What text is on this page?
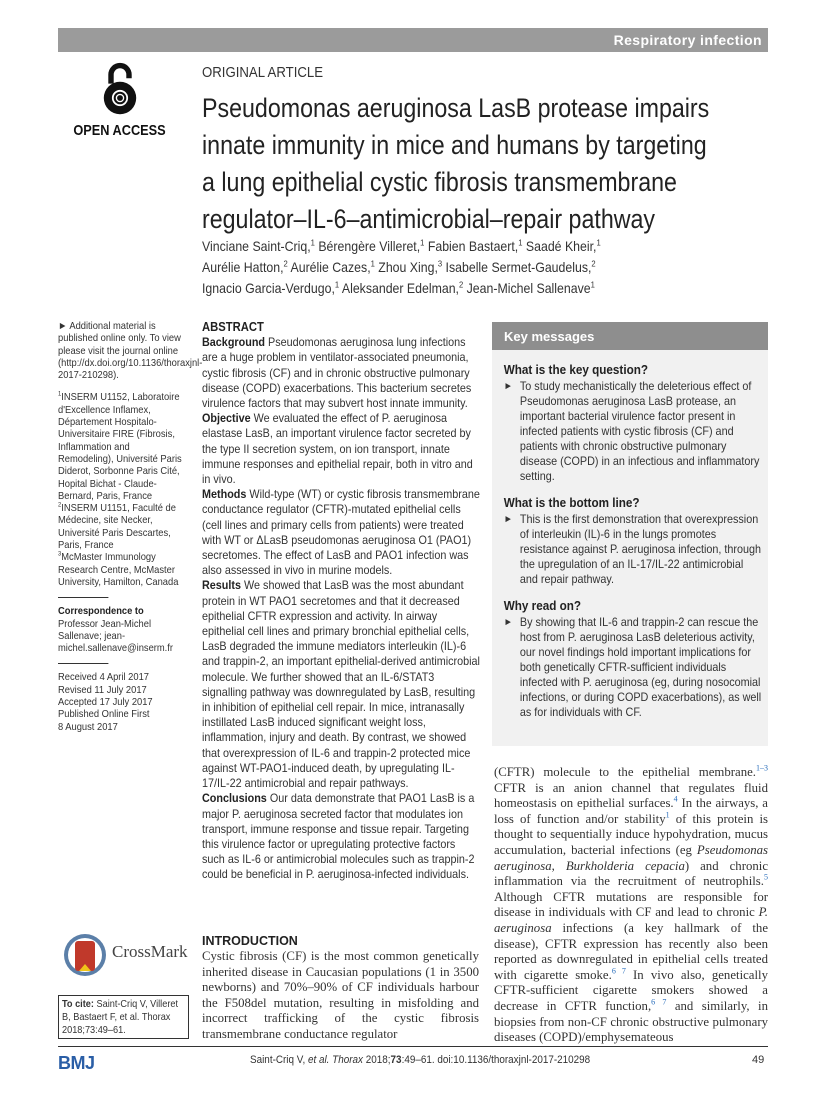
Respiratory infection
OPEN ACCESS
ORIGINAL ARTICLE
Pseudomonas aeruginosa LasB protease impairs
innate immunity in mice and humans by targeting
a lung epithelial cystic fibrosis transmembrane
regulator–IL-6–antimicrobial–repair pathway
Vinciane Saint-Criq,$^1$ Bérengère Villeret,$^1$ Fabien Bastaert,$^1$ Saadé Kheir,$^1$
Aurélie Hatton,$^2$ Aurélie Cazes,$^1$ Zhou Xing,$^3$ Isabelle Sermet-Gaudelus,$^2$
Ignacio Garcia-Verdugo,$^1$ Aleksander Edelman,$^2$ Jean-Michel Sallenave$^1$

► Additional material is published online only. To view please visit the journal online (http://dx.doi.org/10.1136/thoraxjnl-2017-210298).

$^1$INSERM U1152, Laboratoire d'Excellence Inflamex, Département Hospitalo-Universitaire FIRE (Fibrosis, Inflammation and Remodeling), Université Paris Diderot, Sorbonne Paris Cité, Hopital Bichat - Claude-Bernard, Paris, France
$^2$INSERM U1151, Faculté de Médecine, site Necker, Université Paris Descartes, Paris, France
$^3$McMaster Immunology Research Centre, McMaster University, Hamilton, Canada
Correspondence to
Professor Jean-Michel Sallenave; jean-michel.sallenave@inserm.fr
Received 4 April 2017
Revised 11 July 2017
Accepted 17 July 2017
Published Online First
8 August 2017
ABSTRACT
Background Pseudomonas aeruginosa lung infections are a huge problem in ventilator-associated pneumonia, cystic fibrosis (CF) and in chronic obstructive pulmonary disease (COPD) exacerbations. This bacterium secretes virulence factors that may subvert host innate immunity.
Objective We evaluated the effect of P. aeruginosa elastase LasB, an important virulence factor secreted by the type II secretion system, on ion transport, innate immune responses and epithelial repair, both in vitro and in vivo.
Methods Wild-type (WT) or cystic fibrosis transmembrane conductance regulator (CFTR)-mutated epithelial cells (cell lines and primary cells from patients) were treated with WT or ΔLasB pseudomonas aeruginosa O1 (PAO1) secretomes. The effect of LasB and PAO1 infection was also assessed in vivo in murine models.
Results We showed that LasB was the most abundant protein in WT PAO1 secretomes and that it decreased epithelial CFTR expression and activity. In airway epithelial cell lines and primary bronchial epithelial cells, LasB degraded the immune mediators interleukin (IL)-6 and trappin-2, an important epithelial-derived antimicrobial molecule. We further showed that an IL-6/STAT3 signalling pathway was downregulated by LasB, resulting in inhibition of epithelial cell repair. In mice, intranasally instillated LasB induced significant weight loss, inflammation, injury and death. By contrast, we showed that overexpression of IL-6 and trappin-2 protected mice against WT-PAO1-induced death, by upregulating IL-17/IL-22 antimicrobial and repair pathways.
Conclusions Our data demonstrate that PAO1 LasB is a major P. aeruginosa secreted factor that modulates ion transport, immune response and tissue repair. Targeting this virulence factor or upregulating protective factors such as IL-6 or antimicrobial molecules such as trappin-2 could be beneficial in P. aeruginosa-infected individuals.
Key messages
What is the key question?
► To study mechanistically the deleterious effect of Pseudomonas aeruginosa LasB protease, an important bacterial virulence factor present in infected patients with cystic fibrosis (CF) and patients with chronic obstructive pulmonary disease (COPD) in an infectious and inflammatory setting.
What is the bottom line?
► This is the first demonstration that overexpression of interleukin (IL)-6 in the lungs promotes resistance against P. aeruginosa infection, through the upregulation of an IL-17/IL-22 antimicrobial and repair pathway.
Why read on?
► By showing that IL-6 and trappin-2 can rescue the host from P. aeruginosa LasB deleterious activity, our novel findings hold important implications for both genetically CFTR-sufficient individuals infected with P. aeruginosa (eg, during nosocomial infections, or during COPD exacerbations), as well as for individuals with CF.
(CFTR) molecule to the epithelial membrane.$^{1-3}$ CFTR is an anion channel that regulates fluid homeostasis on epithelial surfaces.$^4$ In the airways, a loss of function and/or stability$^1$ of this protein is thought to sequentially induce hypohydration, mucus accumulation, bacterial infections (eg Pseudomonas aeruginosa, Burkholderia cepacia) and chronic inflammation via the recruitment of neutrophils.$^5$ Although CFTR mutations are responsible for disease in individuals with CF and lead to chronic P. aeruginosa infections (a key hallmark of the disease), CFTR expression has recently also been reported as downregulated in epithelial cells treated with cigarette smoke.$^{6 7}$ In vivo also, genetically CFTR-sufficient cigarette smokers showed a decrease in CFTR function,$^{6 7}$ and similarly, in biopsies from non-CF chronic obstructive pulmonary diseases (COPD)/emphysemateous
CrossMark
To cite: Saint-Criq V, Villeret B, Bastaert F, et al. Thorax 2018;73:49–61.
INTRODUCTION

Cystic fibrosis (CF) is the most common genetically inherited disease in Caucasian populations (1 in 3500 newborns) and 70%–90% of CF individuals harbour the F508del mutation, resulting in misfolding and incorrect trafficking of the cystic fibrosis transmembrane conductance regulator

BMJ	Saint-Criq V, et al. Thorax 2018;73:49–61. doi:10.1136/thoraxjnl-2017-210298	49
